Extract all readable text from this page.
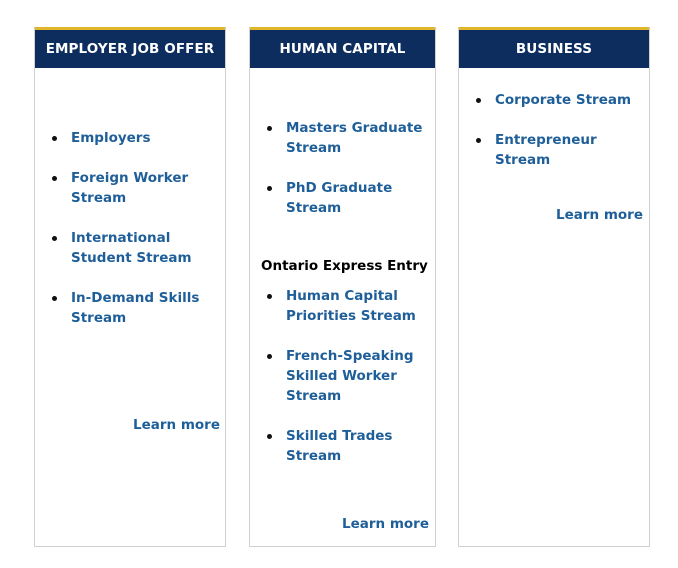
EMPLOYER JOB OFFER
Employers
Foreign Worker Stream
International Student Stream
In-Demand Skills Stream
Learn more
HUMAN CAPITAL
Masters Graduate Stream
PhD Graduate Stream
Ontario Express Entry
Human Capital Priorities Stream
French-Speaking Skilled Worker Stream
Skilled Trades Stream
Learn more
BUSINESS
Corporate Stream
Entrepreneur Stream
Learn more
